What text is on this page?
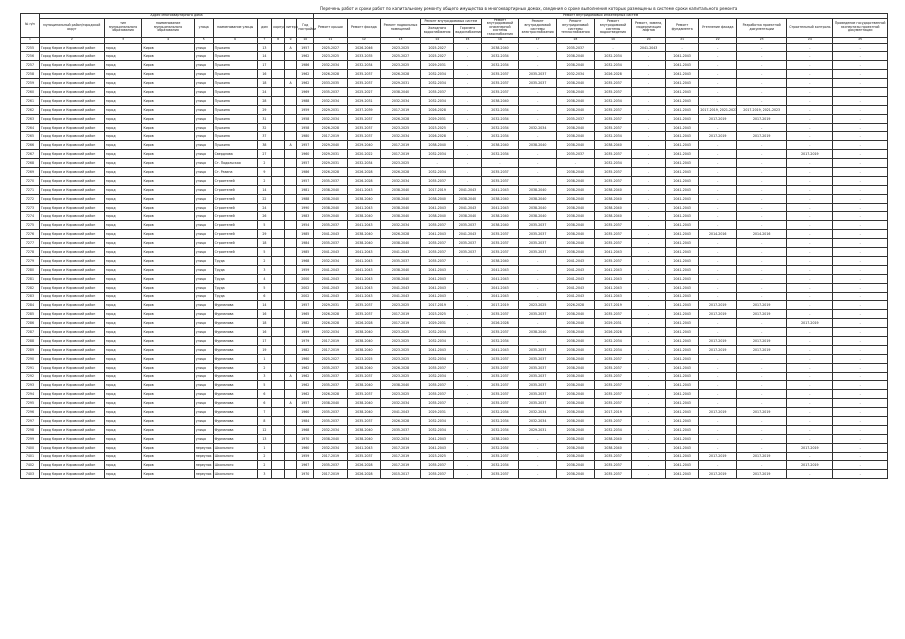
Перечень работ и сроки работ по капитальному ремонту общего имущества в многоквартирных домах, сведения о сроке выполнения которых размещены в системе сроки капитального ремонта
№ п/п	Адрес многоквартирного дома									Ремонт внутридомовых инженерных систем														
	муниципальный район/городской округ	тип муниципального образования	наименование муниципального образования	улица	наименование улицы	дом	корпус	литера	Год постройки	Ремонт крыши	Ремонт фасада	Ремонт подвальных помещений	Ремонт внутридомовых систем		Ремонт внутридомовой инженерной системы газоснабжения	Ремонт внутридомовой системы электроснабжения	Ремонт внутридомовой системы теплоснабжения	Ремонт внутридомовой системы водоотведения	Ремонт, замена, модернизация лифтов	Ремонт фундамента	Утепление фасада	Разработка проектной документации	Строительный контроль	Проведение государственной экспертизы проектной документации
													Холодного водоснабжения	Горячего водоснабжения										
1	2	3	4	5	6	7	8	9	10	11	12	13	14	15	16	17	18	19	20	21	22	23	24	25
7255	Город Киров и Кировский район	город	Киров	улица	Пушкина	13		А	1957	2025-2027	2026-2046	2023-2025	2025-2027	-	2038-2040	-	2035-2037	-	2041-2043	-	-	-	-	-
7256	Город Киров и Кировский район	город	Киров	улица	Пушкина	14			1962	2023-2025	2033-2035	2025-2027	2025-2027	-	2032-2034	-	2038-2040	2032-2034	-	2041-2043	-	-	-	-
7257	Город Киров и Кировский район	город	Киров	улица	Пушкина	17			1986	2032-2034	2032-2034	2023-2025	2029-2031	-	2032-2034	-	2038-2040	2032-2034	-	2041-2043	-	-	-	-
7258	Город Киров и Кировский район	город	Киров	улица	Пушкина	16			1962	2026-2028	2035-2037	2026-2028	2032-2034	-	2035-2037	2035-2037	2032-2034	2026-2028	-	2041-2043	-	-	-	-
7259	Город Киров и Кировский район	город	Киров	улица	Пушкина	18		А	1962	2033-2035	2035-2037	2029-2031	2032-2034	-	2035-2037	2035-2037	2038-2040	2035-2037	-	2041-2043	-	-	-	-
7260	Город Киров и Кировский район	город	Киров	улица	Пушкина	24			1969	2035-2037	2025-2027	2038-2040	2035-2037	-	2035-2037	-	2038-2040	2035-2037	-	2041-2043	-	-	-	-
7261	Город Киров и Кировский район	город	Киров	улица	Пушкина	28			1988	2032-2034	2029-2031	2032-2034	2032-2034	-	2038-2040	-	2038-2040	2032-2034	-	2041-2043	-	-	-	-
7262	Город Киров и Кировский район	город	Киров	улица	Пушкина	29			1959	2029-2031	2037-2039	2017-2019	2026-2028	-	2032-2034	-	2038-2040	2035-2037	-	2041-2043	2017-2019, 2021-2023	2017-2019, 2021-2023	-	-
7263	Город Киров и Кировский район	город	Киров	улица	Пушкина	31			1958	2032-2034	2035-2037	2026-2028	2029-2031	-	2032-2034	-	2035-2037	2035-2037	-	2041-2043	2017-2019	2017-2019	-	-
7264	Город Киров и Кировский район	город	Киров	улица	Пушкина	32			1958	2026-2028	2035-2037	2023-2025	2023-2025	-	2032-2034	2032-2034	2038-2040	2035-2037	-	2041-2043	-	-	-	-
7265	Город Киров и Кировский район	город	Киров	улица	Пушкина	37			1980	2017-2019	2035-2037	2032-2034	2026-2028	-	2032-2034	-	2038-2040	2032-2034	-	2041-2043	2017-2019	2017-2019	-	-
7266	Город Киров и Кировский район	город	Киров	улица	Пушкина	38		А	1957	2029-2040	2029-2040	2017-2019	2038-2040	-	2038-2040	2038-2040	2038-2040	2038-2040	-	2041-2043	-	-	-	-
7267	Город Киров и Кировский район	город	Киров	улица	Свердлова	27			1960	2029-2031	2020-2022	2017-2019	2032-2034	-	2032-2034	-	2035-2037	2035-2037	-	2041-2043	-	-	2017-2019	-
7268	Город Киров и Кировский район	город	Киров	улица	Ст. Подольская	2			1957	2029-2031	2032-2034	2023-2025	-	-	-	-	-	2032-2034	-	2041-2043	-	-	-	-
7269	Город Киров и Кировский район	город	Киров	улица	Ст. Разина	9			1986	2026-2028	2026-2028	2026-2028	2032-2034	-	2035-2037	-	2038-2040	2035-2037	-	2041-2043	-	-	-	-
7270	Город Киров и Кировский район	город	Киров	улица	Строителей	2			1957	2035-2037	2026-2028	2032-2034	2035-2037	-	2035-2037	-	2038-2040	2035-2037	-	2041-2043	-	-	-	-
7271	Город Киров и Кировский район	город	Киров	улица	Строителей	14			1981	2038-2040	2041-2043	2038-2040	2017-2019	2041-2043	2041-2043	2038-2040	2038-2040	2038-2040	-	2041-2043	-	-	-	-
7272	Город Киров и Кировский район	город	Киров	улица	Строителей	22			1988	2038-2040	2038-2040	2038-2040	2038-2040	2038-2040	2038-2040	2038-2040	2038-2040	2038-2040	-	2041-2043	-	-	-	-
7273	Город Киров и Кировский район	город	Киров	улица	Строителей	24			1990	2038-2040	2041-2043	2038-2040	2041-2043	2041-2043	2041-2043	2038-2040	2038-2040	2038-2040	-	2041-2043	-	-	-	-
7274	Город Киров и Кировский район	город	Киров	улица	Строителей	26			1983	2039-2040	2038-2040	2038-2040	2038-2040	2038-2040	2038-2040	2038-2040	2038-2040	2038-2040	-	2041-2043	-	-	-	-
7275	Город Киров и Кировский район	город	Киров	улица	Строителей	5			1954	2035-2037	2041-2043	2032-2034	2035-2037	2035-2037	2038-2040	2035-2037	2038-2040	2035-2037	-	2041-2043	-	-	-	-
7276	Город Киров и Кировский район	город	Киров	улица	Строителей	29			1985	2041-2043	2038-2040	2026-2028	2041-2043	2041-2043	2035-2037	2035-2037	2038-2040	2035-2037	-	2041-2043	2014-2016	2014-2016	-	-
7277	Город Киров и Кировский район	город	Киров	улица	Строителей	18			1984	2035-2037	2038-2040	2038-2040	2035-2037	2035-2037	2035-2037	2035-2037	2038-2040	2035-2037	-	2041-2043	-	-	-	-
7278	Город Киров и Кировский район	город	Киров	улица	Строителей	5			1985	2041-2043	2041-2043	2041-2043	2035-2037	2035-2037	2035-2037	2035-2037	2038-2040	2041-2043	-	2041-2043	-	-	-	-
7279	Город Киров и Кировский район	город	Киров	улица	Труда	2			1968	2032-2034	2041-2043	2035-2037	2035-2037	-	2038-2040	-	2041-2043	2035-2037	-	2041-2043	-	-	-	-
7280	Город Киров и Кировский район	город	Киров	улица	Труда	3			1959	2041-2043	2041-2043	2038-2040	2041-2043	-	2041-2043	-	2041-2043	2041-2043	-	2041-2043	-	-	-	-
7281	Город Киров и Кировский район	город	Киров	улица	Труда	4			2000	2041-2043	2041-2043	2038-2040	2041-2043	-	2041-2043	-	2041-2043	2041-2043	-	2041-2043	-	-	-	-
7282	Город Киров и Кировский район	город	Киров	улица	Труда	5			2002	2041-2043	2041-2043	2041-2043	2041-2043	-	2041-2043	-	2041-2043	2041-2043	-	2041-2043	-	-	-	-
7283	Город Киров и Кировский район	город	Киров	улица	Труда	6			2002	2041-2043	2041-2043	2041-2043	2041-2043	-	2041-2043	-	2041-2043	2041-2043	-	2041-2043	-	-	-	-
7284	Город Киров и Кировский район	город	Киров	улица	Фурманова	14			1957	2029-2031	2035-2037	2023-2025	2017-2019	-	2017-2019	2023-2025	2026-2028	2017-2019	-	2041-2043	2017-2019	2017-2019	-	-
7285	Город Киров и Кировский район	город	Киров	улица	Фурманова	16			1965	2026-2028	2035-2037	2017-2019	2023-2025	-	2035-2037	2035-2037	2038-2040	2035-2037	-	2041-2043	2017-2019	2017-2019	-	-
7286	Город Киров и Кировский район	город	Киров	улица	Фурманова	18			1982	2026-2028	2026-2028	2017-2019	2029-2031	-	2026-2028	-	2038-2040	2029-2031	-	2041-2043	-	-	2017-2019	-
7287	Город Киров и Кировский район	город	Киров	улица	Фурманова	16			1959	2032-2034	2038-2040	2023-2025	2032-2034	-	2035-2037	2038-2040	2038-2040	2026-2028	-	2041-2043	-	-	-	-
7288	Город Киров и Кировский район	город	Киров	улица	Фурманова	17			1979	2017-2019	2038-2040	2023-2025	2032-2034	-	2032-2034	-	2038-2040	2032-2034	-	2041-2043	2017-2019	2017-2019	-	-
7289	Город Киров и Кировский район	город	Киров	улица	Фурманова	19			1982	2017-2019	2038-2040	2023-2025	2041-2043	-	2041-2043	2035-2037	2038-2040	2032-2034	-	2041-2043	2017-2019	2017-2019	-	-
7290	Город Киров и Кировский район	город	Киров	улица	Фурманова	1			1960	2025-2027	2023-2025	2023-2025	2032-2034	-	2035-2037	2035-2037	2038-2040	2035-2037	-	2041-2043	-	-	-	-
7291	Город Киров и Кировский район	город	Киров	улица	Фурманова	2			1962	2035-2037	2038-2040	2026-2028	2035-2037	-	2035-2037	2035-2037	2038-2040	2035-2037	-	2041-2043	-	-	-	-
7292	Город Киров и Кировский район	город	Киров	улица	Фурманова	3		А	1962	2035-2037	2035-2037	2023-2025	2032-2034	-	2035-2037	2035-2037	2038-2040	2035-2037	-	2041-2043	-	-	-	-
7293	Город Киров и Кировский район	город	Киров	улица	Фурманова	5			1962	2035-2037	2038-2040	2038-2040	2035-2037	-	2035-2037	2035-2037	2038-2040	2035-2037	-	2041-2043	-	-	-	-
7294	Город Киров и Кировский район	город	Киров	улица	Фурманова	6			1962	2026-2028	2035-2037	2023-2025	2035-2037	-	2035-2037	2035-2037	2038-2040	2035-2037	-	2041-2043	-	-	-	-
7295	Город Киров и Кировский район	город	Киров	улица	Фурманова	6		А	1957	2038-2040	2038-2040	2032-2034	2035-2037	-	2035-2037	2035-2037	2038-2040	2035-2037	-	2041-2043	-	-	-	-
7296	Город Киров и Кировский район	город	Киров	улица	Фурманова	7			1960	2035-2037	2038-2040	2041-2043	2029-2031	-	2032-2034	2032-2034	2038-2040	2017-2019	-	2041-2043	2017-2019	2017-2019	-	-
7297	Город Киров и Кировский район	город	Киров	улица	Фурманова	8			1984	2035-2037	2035-2037	2026-2028	2032-2034	-	2032-2034	2032-2034	2038-2040	2035-2037	-	2041-2043	-	-	-	-
7298	Город Киров и Кировский район	город	Киров	улица	Фурманова	12			1968	2032-2034	2038-2040	2035-2037	2032-2034	-	2032-2034	2029-2031	2038-2040	2032-2034	-	2041-2043	-	-	-	-
7299	Город Киров и Кировский район	город	Киров	улица	Фурманова	13			1970	2038-2040	2038-2040	2032-2034	2041-2043	-	2038-2040	-	2038-2040	2038-2040	-	2041-2043	-	-	-	-
7400	Город Киров и Кировский район	город	Киров	переулок	Школьного	1			1960	2032-2034	2041-2043	2017-2019	2041-2043	-	2032-2034	-	2038-2040	2038-2040	-	2041-2043	-	-	2017-2019	-
7401	Город Киров и Кировский район	город	Киров	переулок	Школьного	2			1959	2017-2019	2035-2037	2017-2019	2023-2025	-	2035-2037	-	2038-2040	2035-2037	-	2041-2043	2017-2019	2017-2019	-	-
7402	Город Киров и Кировский район	город	Киров	переулок	Школьного	2			1967	2035-2037	2026-2028	2017-2019	2035-2037	-	2032-2034	-	2038-2040	2035-2037	-	2041-2043	-	-	2017-2019	-
7403	Город Киров и Кировский район	город	Киров	переулок	Школьного	3			1970	2017-2019	2026-2028	2015-2017	2035-2037	-	2035-2037	-	2038-2040	2035-2037	-	2041-2043	2017-2019	2017-2019	-	-
